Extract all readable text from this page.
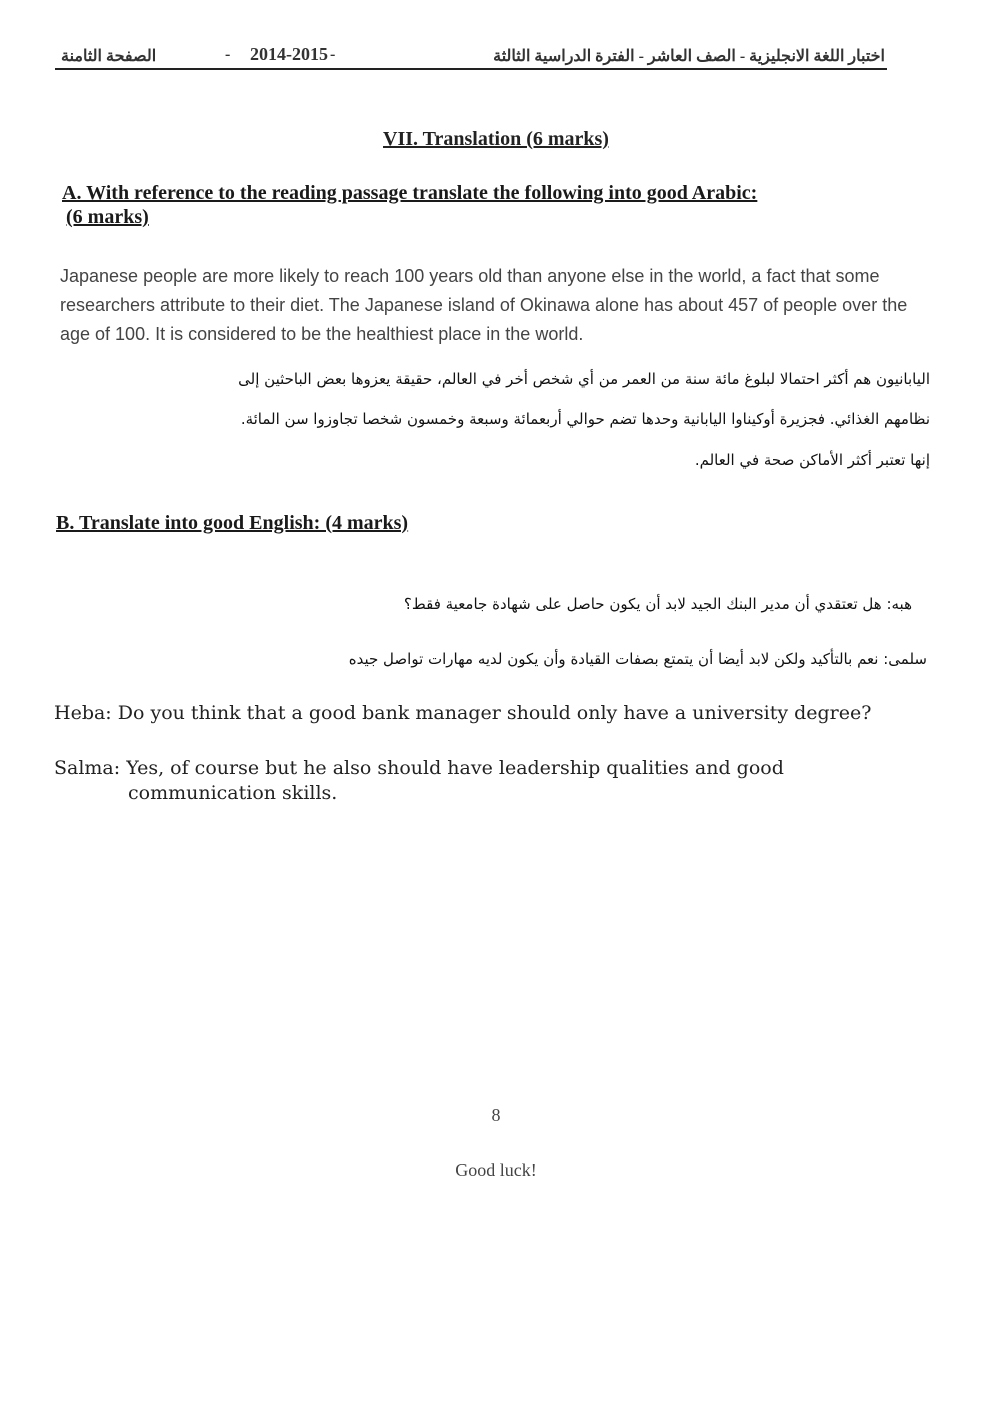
اختبار اللغة الانجليزية - الصف العاشر - الفترة الدراسية الثالثة
-
2014-2015
-
الصفحة الثامنة
VII. Translation (6 marks)
A. With reference to the reading passage translate the following into good Arabic:
(6 marks)
Japanese people are more likely to reach 100 years old than anyone else in the world, a fact that some researchers attribute to their diet. The Japanese island of Okinawa alone has about 457 of people over the age of 100. It is considered to be the healthiest place in the world.
اليابانيون هم أكثر احتمالا لبلوغ مائة سنة من العمر من أي شخص أخر في العالم، حقيقة يعزوها بعض الباحثين إلى
نظامهم الغذائي. فجزيرة أوكيناوا اليابانية وحدها تضم حوالي أربعمائة وسبعة وخمسون شخصا تجاوزوا سن المائة.
إنها تعتبر أكثر الأماكن صحة في العالم.
B. Translate into good English: (4 marks)
هبه: هل تعتقدي أن مدير البنك الجيد لابد أن يكون حاصل على شهادة جامعية فقط؟
سلمى: نعم بالتأكيد ولكن لابد أيضا أن يتمتع بصفات القيادة وأن يكون لديه مهارات تواصل جيده
Heba: Do you think that a good bank manager should only have a university degree?
Salma: Yes, of course but he also should have leadership qualities and good
communication skills.
8
Good luck!
